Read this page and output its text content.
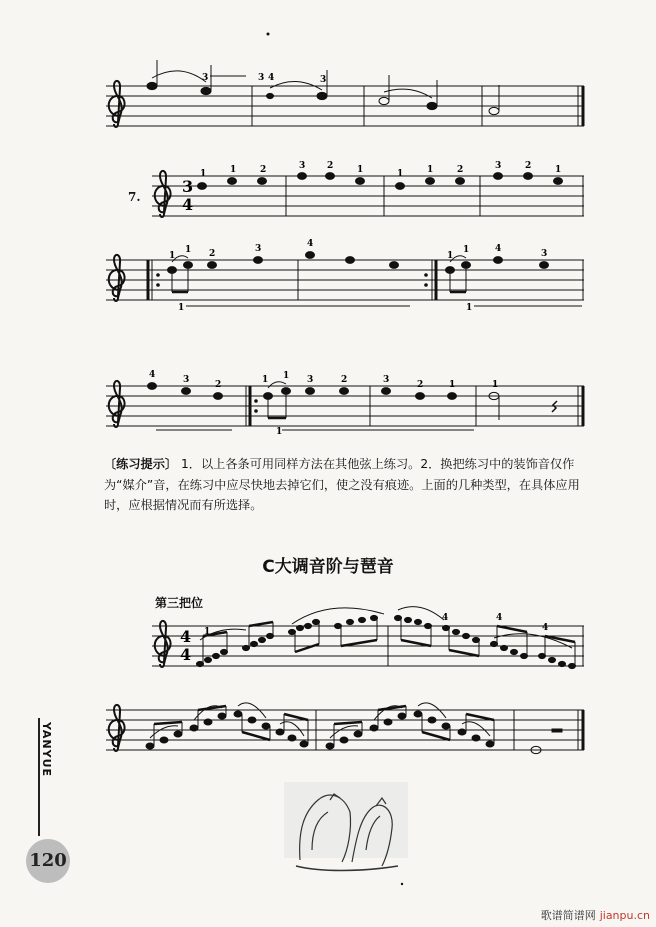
3	3 4	3
3
4
1	1	2	3 2	1	1	1	2	3	2	1
1
1 2	3	4
1
1	4	3
1	1
4	3	2	1 1 3	2	3	2	1	1
1
4
4
1
4	4
4
7.
〔练习提示〕 1．以上各条可用同样方法在其他弦上练习。2．换把练习中的装饰音仅作为“媒介”音，在练习中应尽快地去掉它们，使之没有痕迹。上面的几种类型，在具体应用时，应根据情况而有所选择。
C大调音阶与琶音
第三把位
YANYUE
120
歌谱简谱网 jianpu.cn
